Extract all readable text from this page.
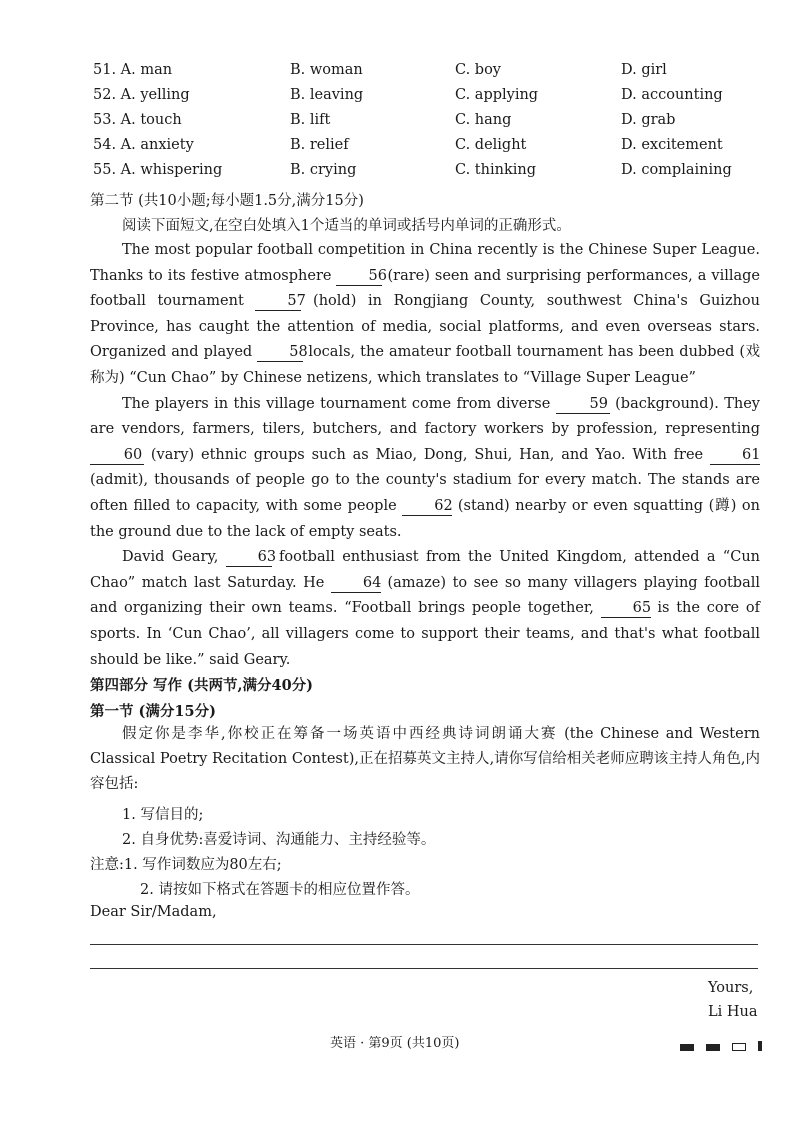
51. A. man	B. woman	C. boy	D. girl
52. A. yelling	B. leaving	C. applying	D. accounting
53. A. touch	B. lift	C. hang	D. grab
54. A. anxiety	B. relief	C. delight	D. excitement
55. A. whispering	B. crying	C. thinking	D. complaining
第二节 (共10小题;每小题1.5分,满分15分)
阅读下面短文,在空白处填入1个适当的单词或括号内单词的正确形式。

The most popular football competition in China recently is the Chinese Super League. Thanks to its festive atmosphere 56 (rare) seen and surprising performances, a village football tournament 57 (hold) in Rongjiang County, southwest China's Guizhou Province, has caught the attention of media, social platforms, and even overseas stars. Organized and played 58 locals, the amateur football tournament has been dubbed (戏称为) “Cun Chao” by Chinese netizens, which translates to “Village Super League”

The players in this village tournament come from diverse 59 (background). They are vendors, farmers, tilers, butchers, and factory workers by profession, representing 60 (vary) ethnic groups such as Miao, Dong, Shui, Han, and Yao. With free 61 (admit), thousands of people go to the county's stadium for every match. The stands are often filled to capacity, with some people 62 (stand) nearby or even squatting (蹲) on the ground due to the lack of empty seats.

David Geary, 63 football enthusiast from the United Kingdom, attended a “Cun Chao” match last Saturday. He 64 (amaze) to see so many villagers playing football and organizing their own teams. “Football brings people together, 65 is the core of sports. In ‘Cun Chao’, all villagers come to support their teams, and that's what football should be like.” said Geary.

第四部分 写作 (共两节,满分40分)
第一节 (满分15分)

假定你是李华,你校正在筹备一场英语中西经典诗词朗诵大赛 (the Chinese and Western Classical Poetry Recitation Contest),正在招募英文主持人,请你写信给相关老师应聘该主持人角色,内容包括:

1. 写信目的;
2. 自身优势:喜爱诗词、沟通能力、主持经验等。
注意:1. 写作词数应为80左右;
2. 请按如下格式在答题卡的相应位置作答。
Dear Sir/Madam,
Yours,
Li Hua
英语 · 第9页 (共10页)
